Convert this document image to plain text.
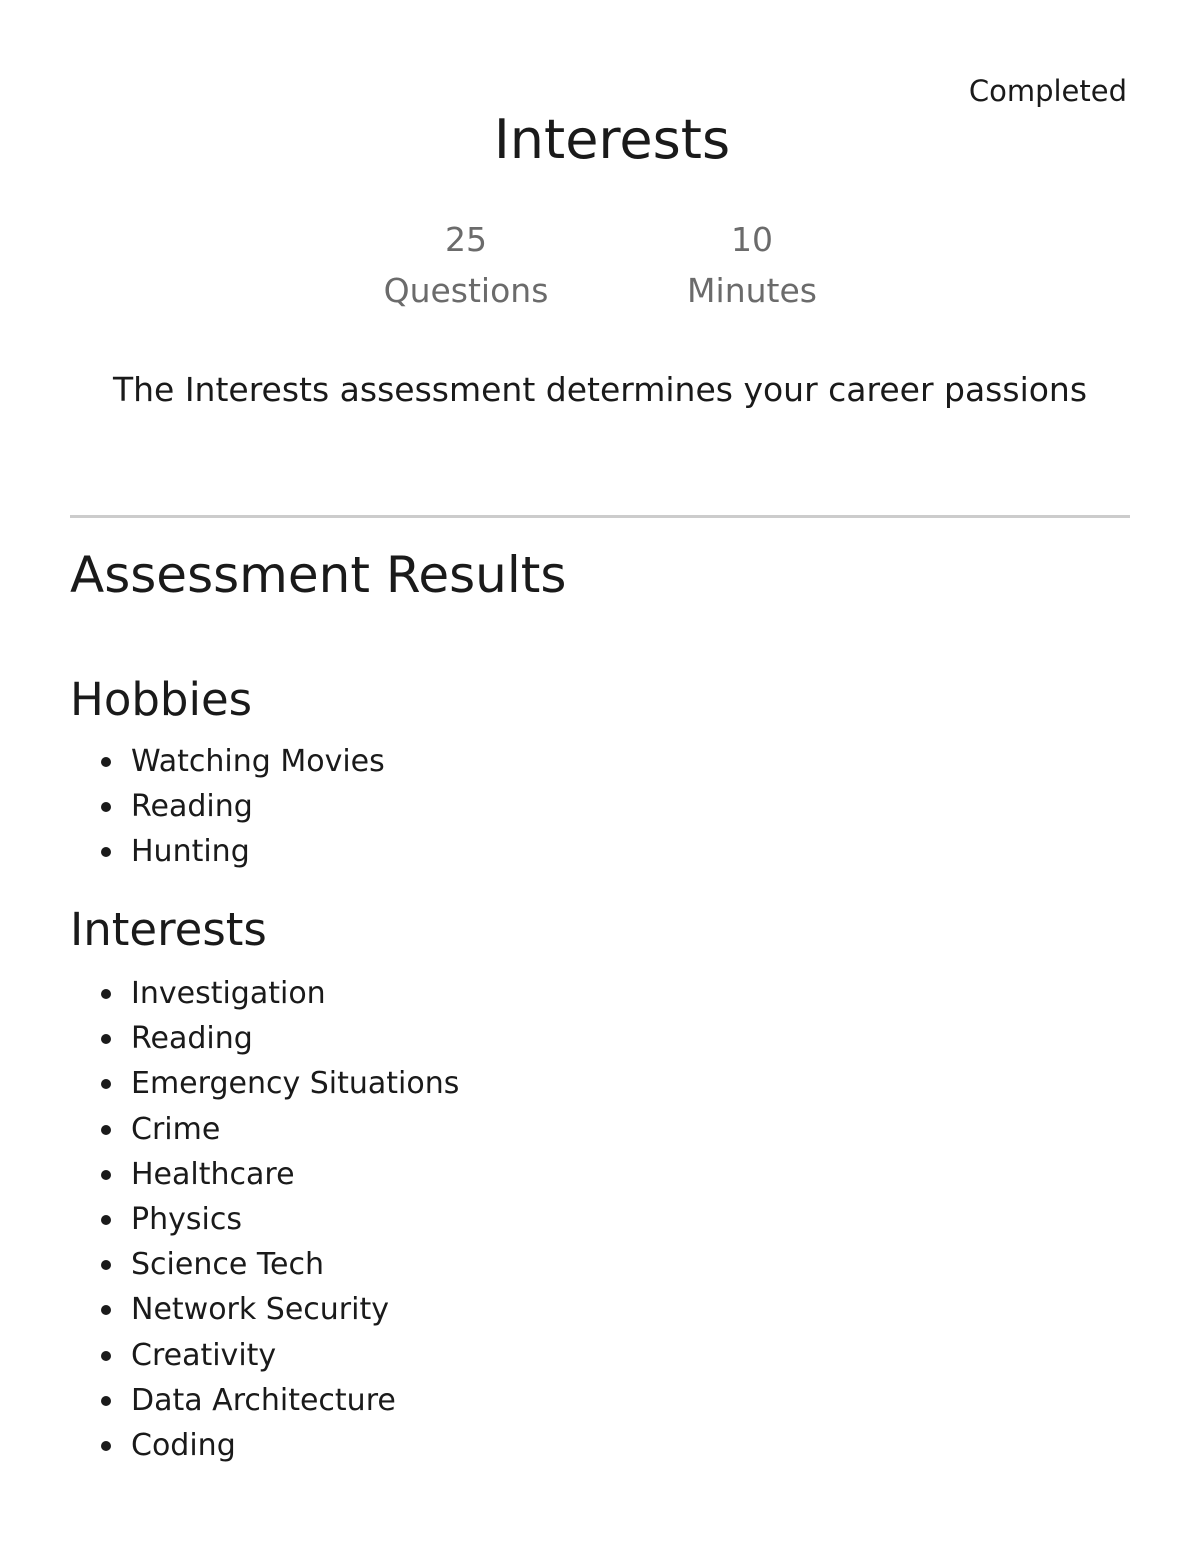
Completed
Interests
25
Questions
10
Minutes
The Interests assessment determines your career passions
Assessment Results
Hobbies
Watching Movies
Reading
Hunting
Interests
Investigation
Reading
Emergency Situations
Crime
Healthcare
Physics
Science Tech
Network Security
Creativity
Data Architecture
Coding
